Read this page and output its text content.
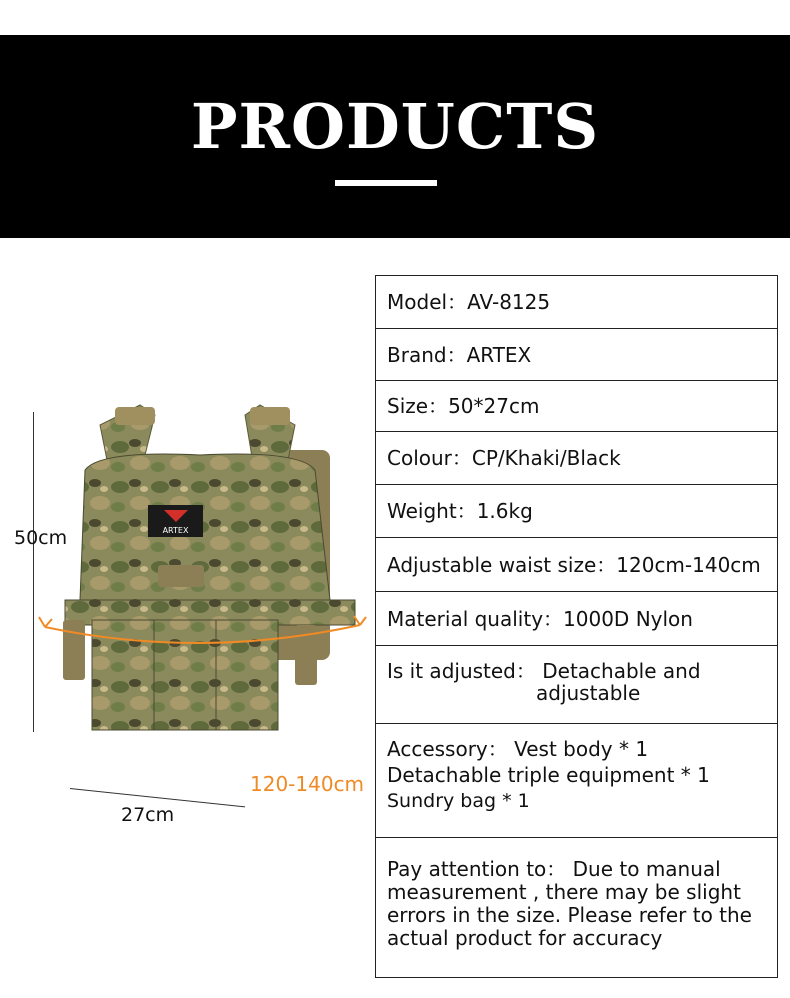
PRODUCTS
50cm
27cm
120-140cm
ARTEX
Model： AV-8125
Brand： ARTEX
Size： 50*27cm
Colour： CP/Khaki/Black
Weight： 1.6kg
Adjustable waist size： 120cm-140cm
Material quality： 1000D Nylon
Is it adjusted： Detachable and
adjustable
Accessory： Vest body * 1
Detachable triple equipment * 1
Sundry bag * 1
Pay attention to： Due to manual
measurement , there may be slight
errors in the size. Please refer to the
actual product for accuracy
